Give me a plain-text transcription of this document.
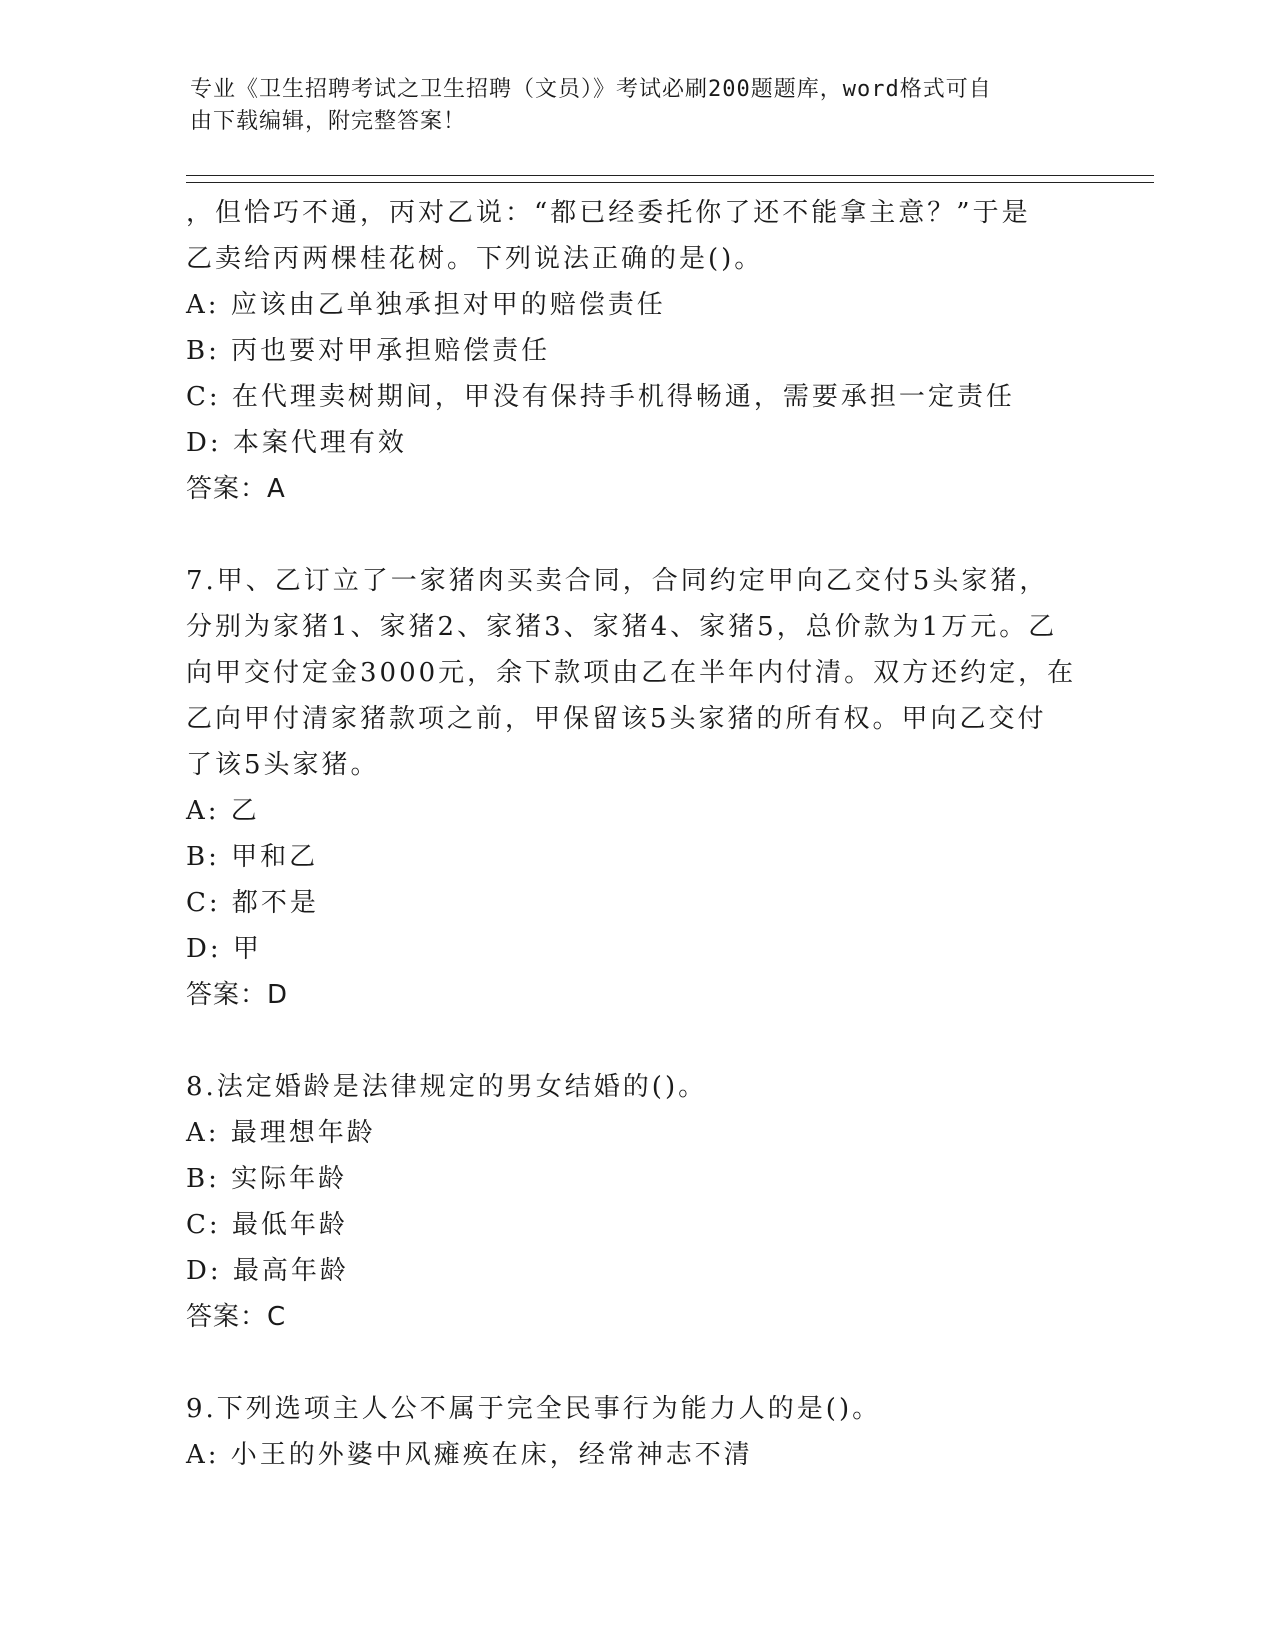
专业《卫生招聘考试之卫生招聘（文员）》考试必刷200题题库，word格式可自
由下载编辑，附完整答案！
，但恰巧不通，丙对乙说：“都已经委托你了还不能拿主意？”于是
乙卖给丙两棵桂花树。下列说法正确的是()。
A: 应该由乙单独承担对甲的赔偿责任
B: 丙也要对甲承担赔偿责任
C: 在代理卖树期间，甲没有保持手机得畅通，需要承担一定责任
D: 本案代理有效
答案：A
7.甲、乙订立了一家猪肉买卖合同，合同约定甲向乙交付5头家猪，
分别为家猪1、家猪2、家猪3、家猪4、家猪5，总价款为1万元。乙
向甲交付定金3000元，余下款项由乙在半年内付清。双方还约定，在
乙向甲付清家猪款项之前，甲保留该5头家猪的所有权。甲向乙交付
了该5头家猪。
A: 乙
B: 甲和乙
C: 都不是
D: 甲
答案：D
8.法定婚龄是法律规定的男女结婚的()。
A: 最理想年龄
B: 实际年龄
C: 最低年龄
D: 最高年龄
答案：C
9.下列选项主人公不属于完全民事行为能力人的是()。
A: 小王的外婆中风瘫痪在床，经常神志不清
